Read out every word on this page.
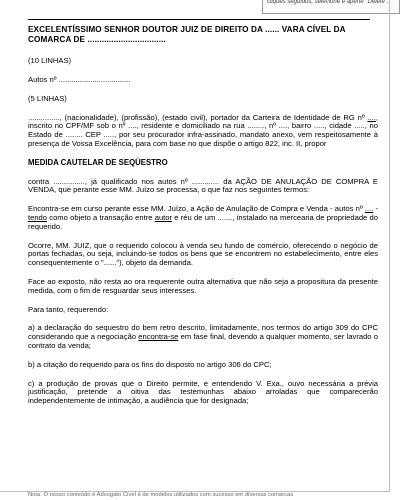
cliques seguidos, selecione e aperte "Delete".
EXCELENTÍSSIMO SENHOR DOUTOR JUIZ DE DIREITO DA ...... VARA CÍVEL DA COMARCA DE .................................
(10 LINHAS)
Autos nº ..................................
(5 LINHAS)
..............., (nacionalidade), (profissão), (estado civil), portador da Carteira de Identidade de RG nº ...., inscrito no CPF/MF sob o nº ...., residente e domiciliado na rua ........, nº ...., bairro ....., cidade ....., no Estado de ........ CEP ....., por seu procurador infra-assinado, mandato anexo, vem respeitosamente à presença de Vossa Excelência, para com base no que dispõe o artigo 822, inc. II, propor
MEDIDA CAUTELAR DE SEQÜESTRO
contra ..............., já qualificado nos autos nº ............. da AÇÃO DE ANULAÇÃO DE COMPRA E VENDA, que perante esse MM. Juízo se processa, o que faz nos seguintes termos:
Encontra-se em curso perante esse MM. Juízo, a Ação de Anulação de Compra e Venda - autos nº .... - tendo como objeto a transação entre autor e réu de um ......., instalado na mercearia de propriedade do requerido.
Ocorre, MM. JUIZ, que o requerido colocou à venda seu fundo de comércio, oferecendo o negócio de portas fechadas, ou seja, incluindo-se todos os bens que se encontrem no estabelecimento, entre eles consequentemente o "......"), objeto da demanda.
Face ao exposto, não resta ao ora requerente outra alternativa que não seja a propositura da presente medida, com o fim de resguardar seus interesses.
Para tanto, requerendo:
a) a declaração do sequestro do bem retro descrito, limitadamente, nos termos do artigo 309 do CPC considerando que a negociação encontra-se em fase final, devendo a qualquer momento, ser lavrado o contrato da venda;
b) a citação do requerido para os fins do disposto no artigo 306 do CPC;
c) a produção de provas que o Direito permite, e entendendo V. Exa., ouvo necessária a prévia justificação, pretende a oitiva das testemunhas abaixo arroladas que comparecerão independentemente de intimação, a audiência que for designada;
Nota: O nosso conteúdo é Advogato Cível é de modelos utilizados com sucesso em diversas comarcas
